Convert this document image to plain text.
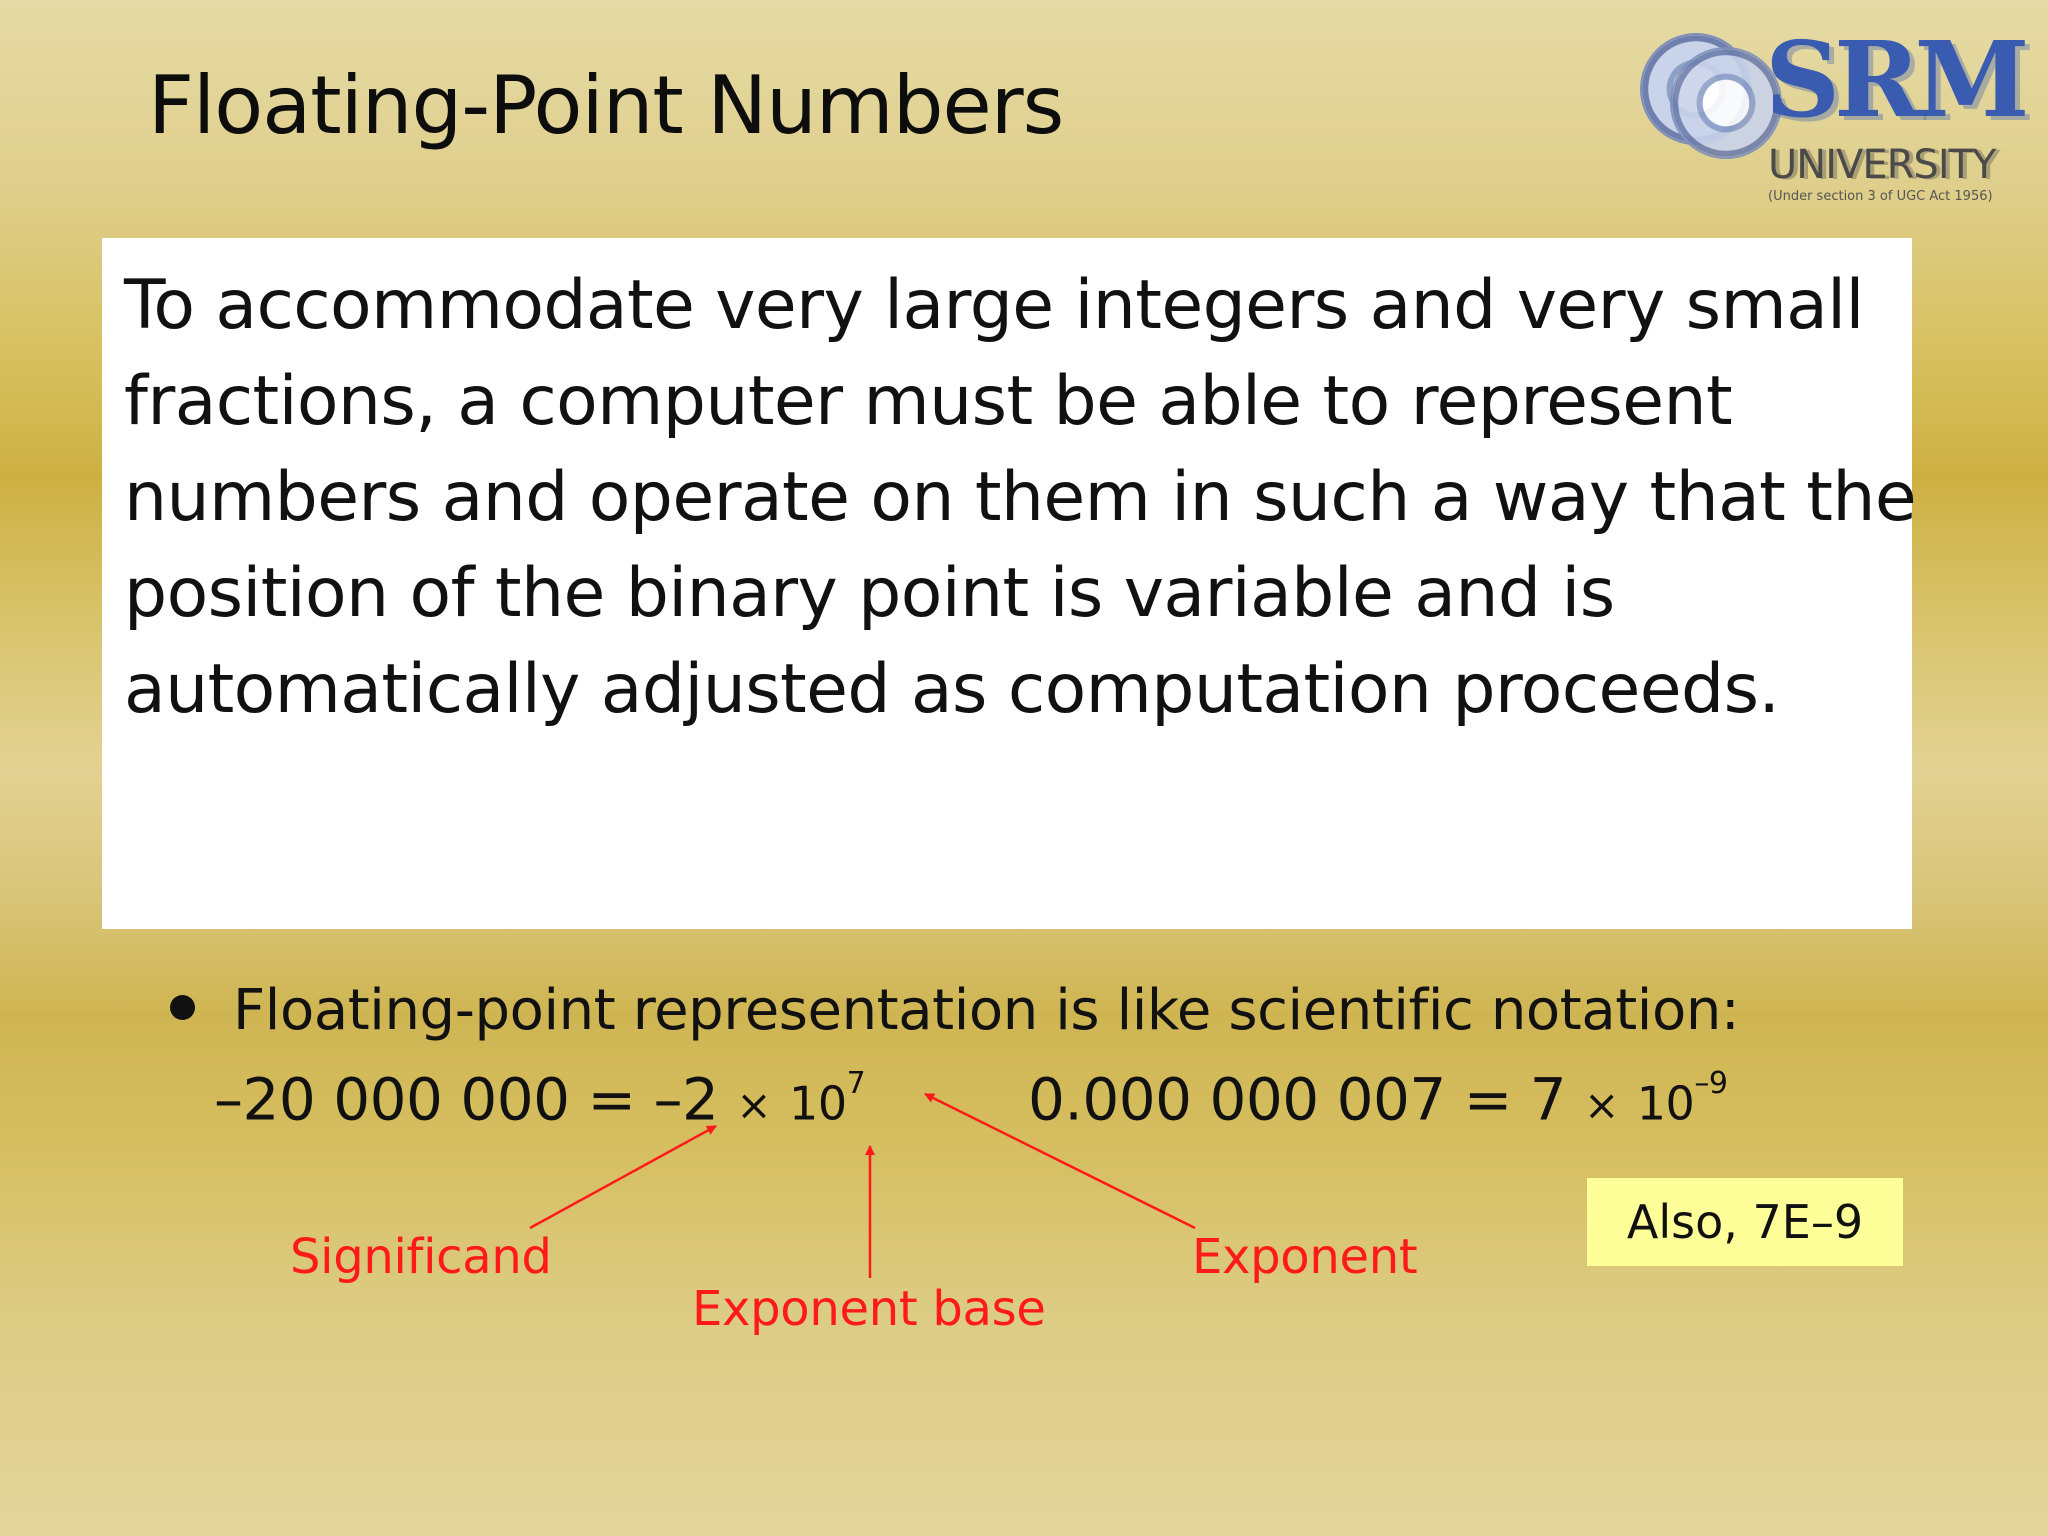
Floating-Point Numbers	SRM
UNIVERSITY
(Under section 3 of UGC Act 1956)

To accommodate very large integers and very small

fractions, a computer must be able to represent

numbers and operate on them in such a way that the

position of the binary point is variable and is

automatically adjusted as computation proceeds.

Floating-point representation is like scientific notation:
–20 000 $000 = -2 \times 10^7$	0.000 000 $007 = 7 \times 10^{-9}$
Significand
Exponent base
Exponent
Also, 7E–9
